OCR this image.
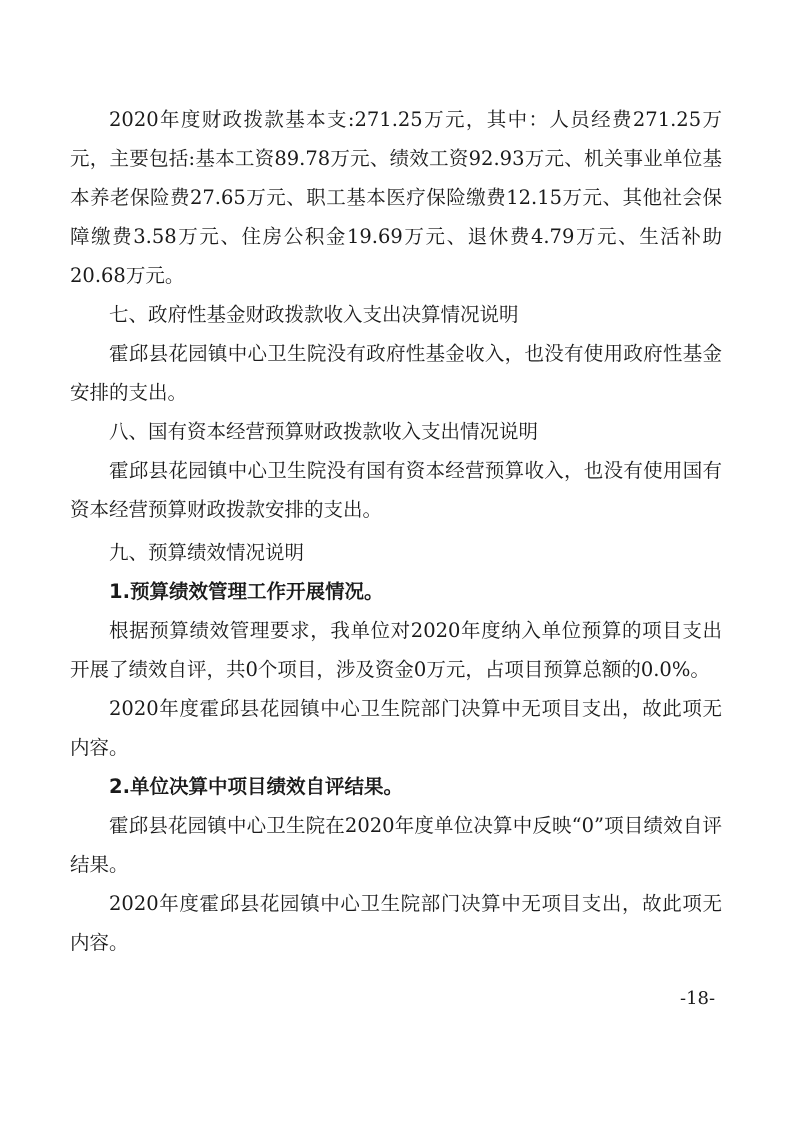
2020年度财政拨款基本支:271.25万元，其中：人员经费271.25万元，主要包括:基本工资89.78万元、绩效工资92.93万元、机关事业单位基本养老保险费27.65万元、职工基本医疗保险缴费12.15万元、其他社会保障缴费3.58万元、住房公积金19.69万元、退休费4.79万元、生活补助20.68万元。

七、政府性基金财政拨款收入支出决算情况说明

霍邱县花园镇中心卫生院没有政府性基金收入，也没有使用政府性基金安排的支出。

八、国有资本经营预算财政拨款收入支出情况说明

霍邱县花园镇中心卫生院没有国有资本经营预算收入，也没有使用国有资本经营预算财政拨款安排的支出。

九、预算绩效情况说明

1.预算绩效管理工作开展情况。

根据预算绩效管理要求，我单位对2020年度纳入单位预算的项目支出开展了绩效自评，共0个项目，涉及资金0万元，占项目预算总额的0.0%。

2020年度霍邱县花园镇中心卫生院部门决算中无项目支出，故此项无内容。

2.单位决算中项目绩效自评结果。

霍邱县花园镇中心卫生院在2020年度单位决算中反映“0”项目绩效自评结果。

2020年度霍邱县花园镇中心卫生院部门决算中无项目支出，故此项无内容。

-18-
